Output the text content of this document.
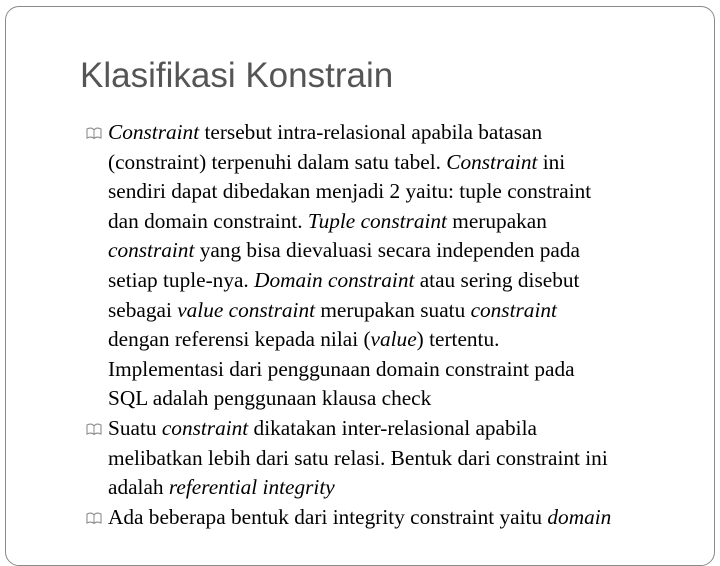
Klasifikasi Konstrain
Constraint tersebut intra-relasional apabila batasan
(constraint) terpenuhi dalam satu tabel. Constraint ini
sendiri dapat dibedakan menjadi 2 yaitu: tuple constraint
dan domain constraint. Tuple constraint merupakan
constraint yang bisa dievaluasi secara independen pada
setiap tuple-nya. Domain constraint atau sering disebut
sebagai value constraint merupakan suatu constraint
dengan referensi kepada nilai (value) tertentu.
Implementasi dari penggunaan domain constraint pada
SQL adalah penggunaan klausa check
Suatu constraint dikatakan inter-relasional apabila
melibatkan lebih dari satu relasi. Bentuk dari constraint ini
adalah referential integrity
Ada beberapa bentuk dari integrity constraint yaitu domain
